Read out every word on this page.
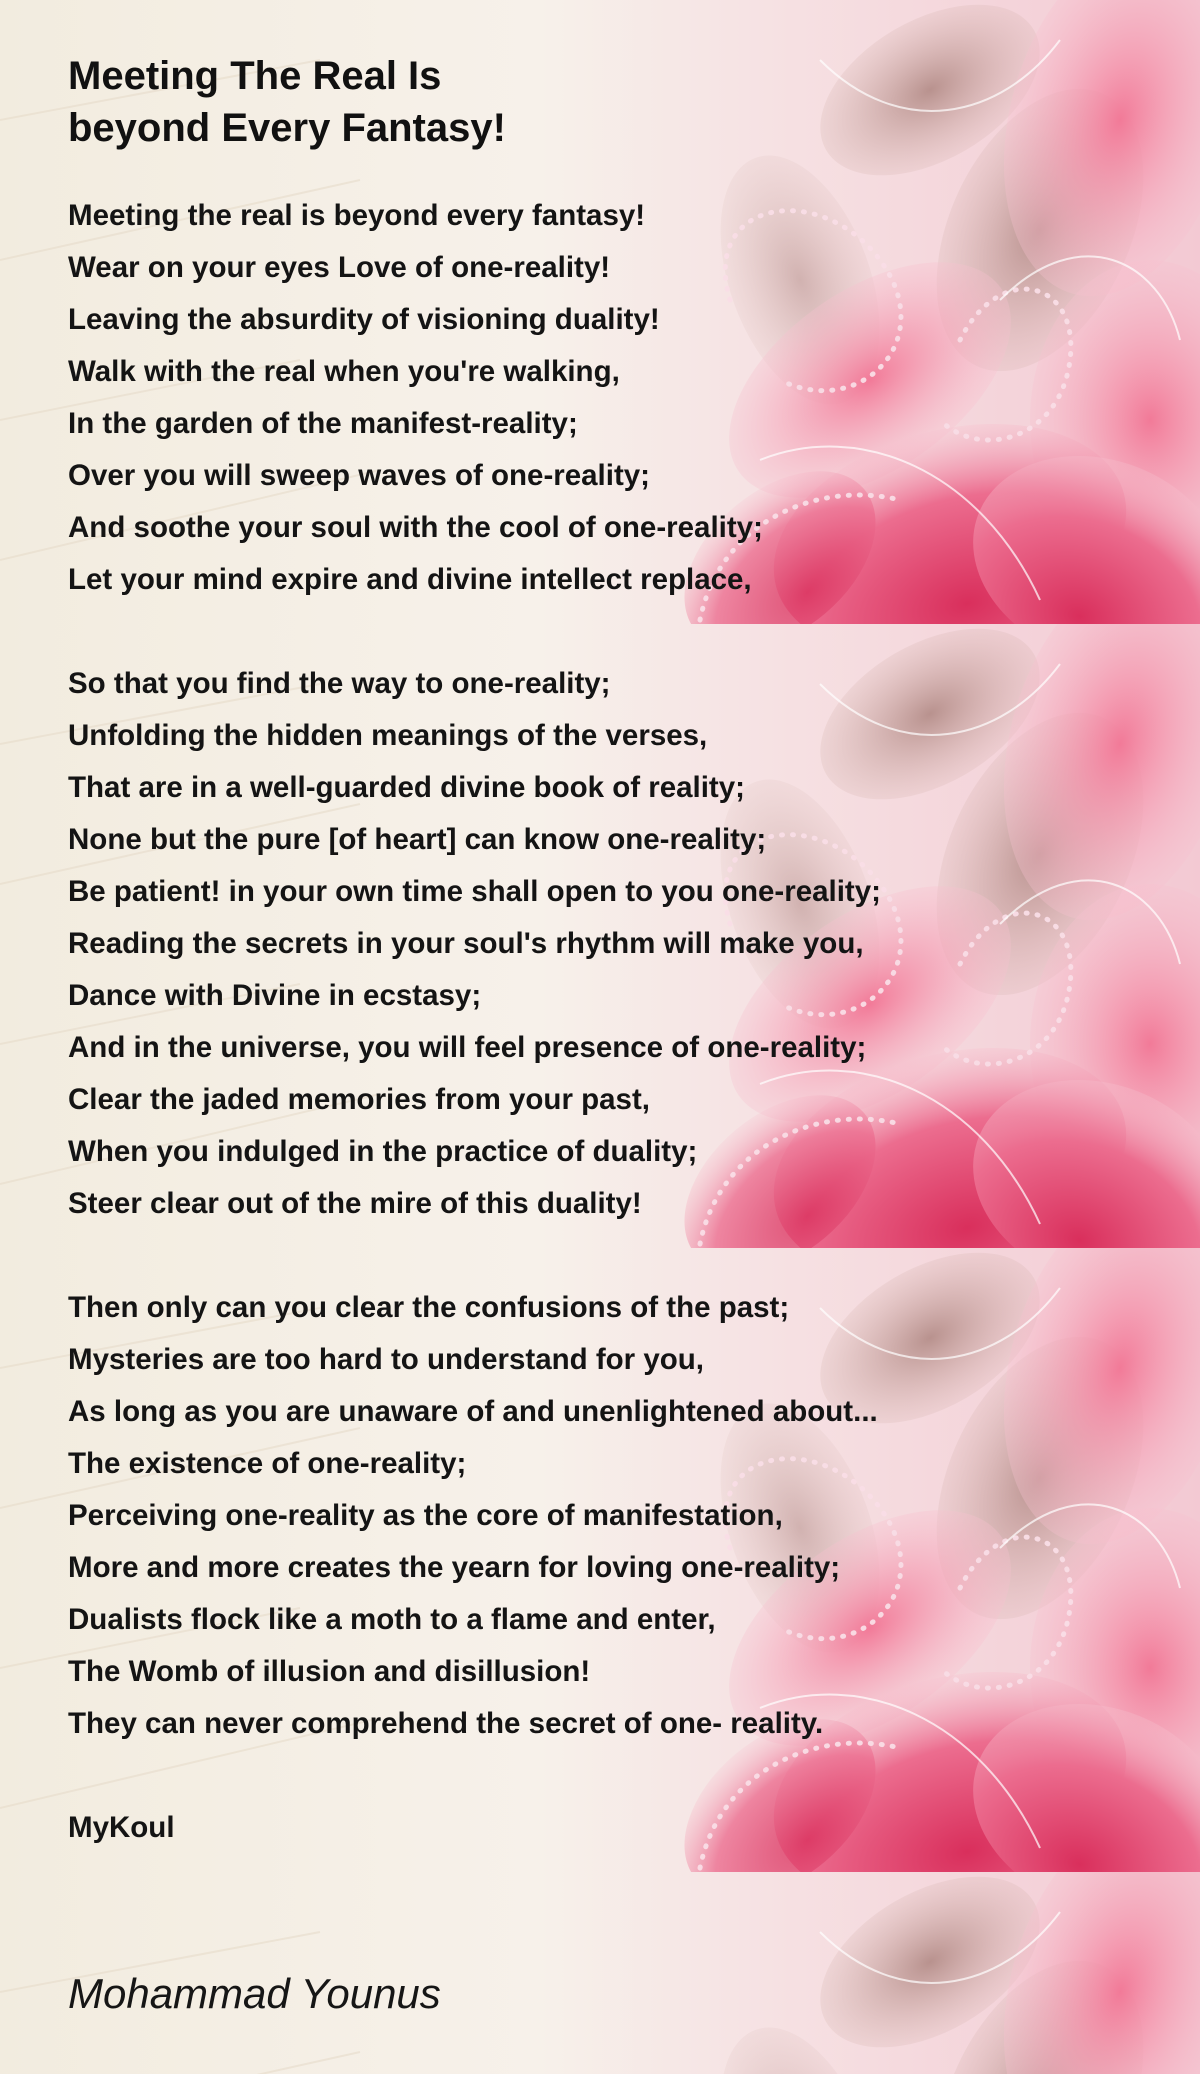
Meeting The Real Is
beyond Every Fantasy!
Meeting the real is beyond every fantasy!
Wear on your eyes Love of one-reality!
Leaving the absurdity of visioning duality!
Walk with the real when you're walking,
In the garden of the manifest-reality;
Over you will sweep waves of one-reality;
And soothe your soul with the cool of one-reality;
Let your mind expire and divine intellect replace,
So that you find the way to one-reality;
Unfolding the hidden meanings of the verses,
That are in a well-guarded divine book of reality;
None but the pure [of heart] can know one-reality;
Be patient! in your own time shall open to you one-reality;
Reading the secrets in your soul's rhythm will make you,
Dance with Divine in ecstasy;
And in the universe, you will feel presence of one-reality;
Clear the jaded memories from your past,
When you indulged in the practice of duality;
Steer clear out of the mire of this duality!
Then only can you clear the confusions of the past;
Mysteries are too hard to understand for you,
As long as you are unaware of and unenlightened about...
The existence of one-reality;
Perceiving one-reality as the core of manifestation,
More and more creates the yearn for loving one-reality;
Dualists flock like a moth to a flame and enter,
The Womb of illusion and disillusion!
They can never comprehend the secret of one- reality.
MyKoul

Mohammad Younus
